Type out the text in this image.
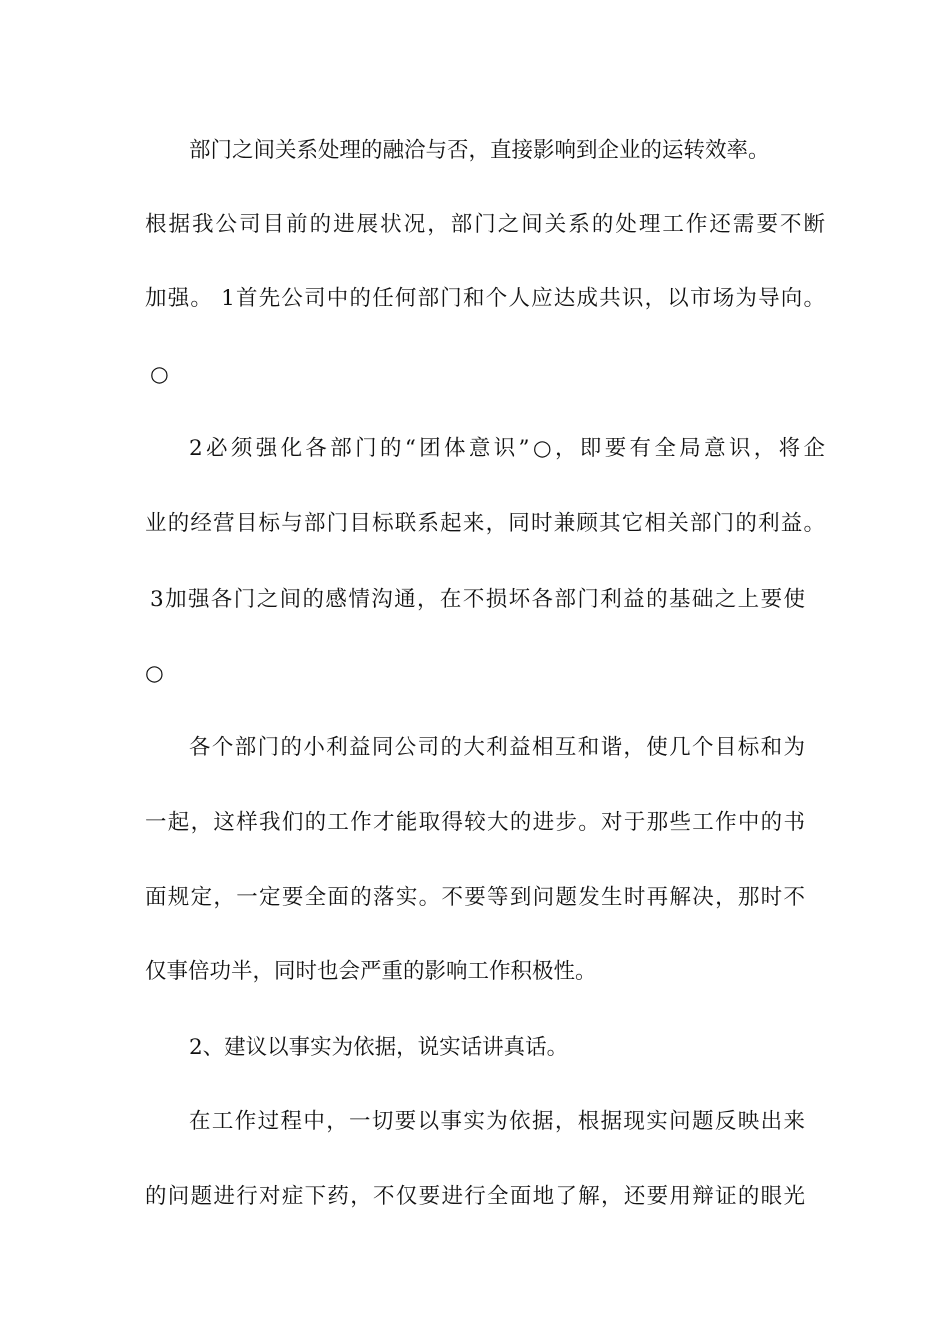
部门之间关系处理的融洽与否，直接影响到企业的运转效率。
根据我公司目前的进展状况，部门之间关系的处理工作还需要不断
加强。 1首先公司中的任何部门和个人应达成共识，以市场为导向。
○
2必须强化各部门的“团体意识”○，即要有全局意识，将企
业的经营目标与部门目标联系起来，同时兼顾其它相关部门的利益。
3加强各门之间的感情沟通，在不损坏各部门利益的基础之上要使
○
各个部门的小利益同公司的大利益相互和谐，使几个目标和为
一起，这样我们的工作才能取得较大的进步。对于那些工作中的书
面规定，一定要全面的落实。不要等到问题发生时再解决，那时不
仅事倍功半，同时也会严重的影响工作积极性。
2、建议以事实为依据，说实话讲真话。
在工作过程中，一切要以事实为依据，根据现实问题反映出来
的问题进行对症下药，不仅要进行全面地了解，还要用辩证的眼光
